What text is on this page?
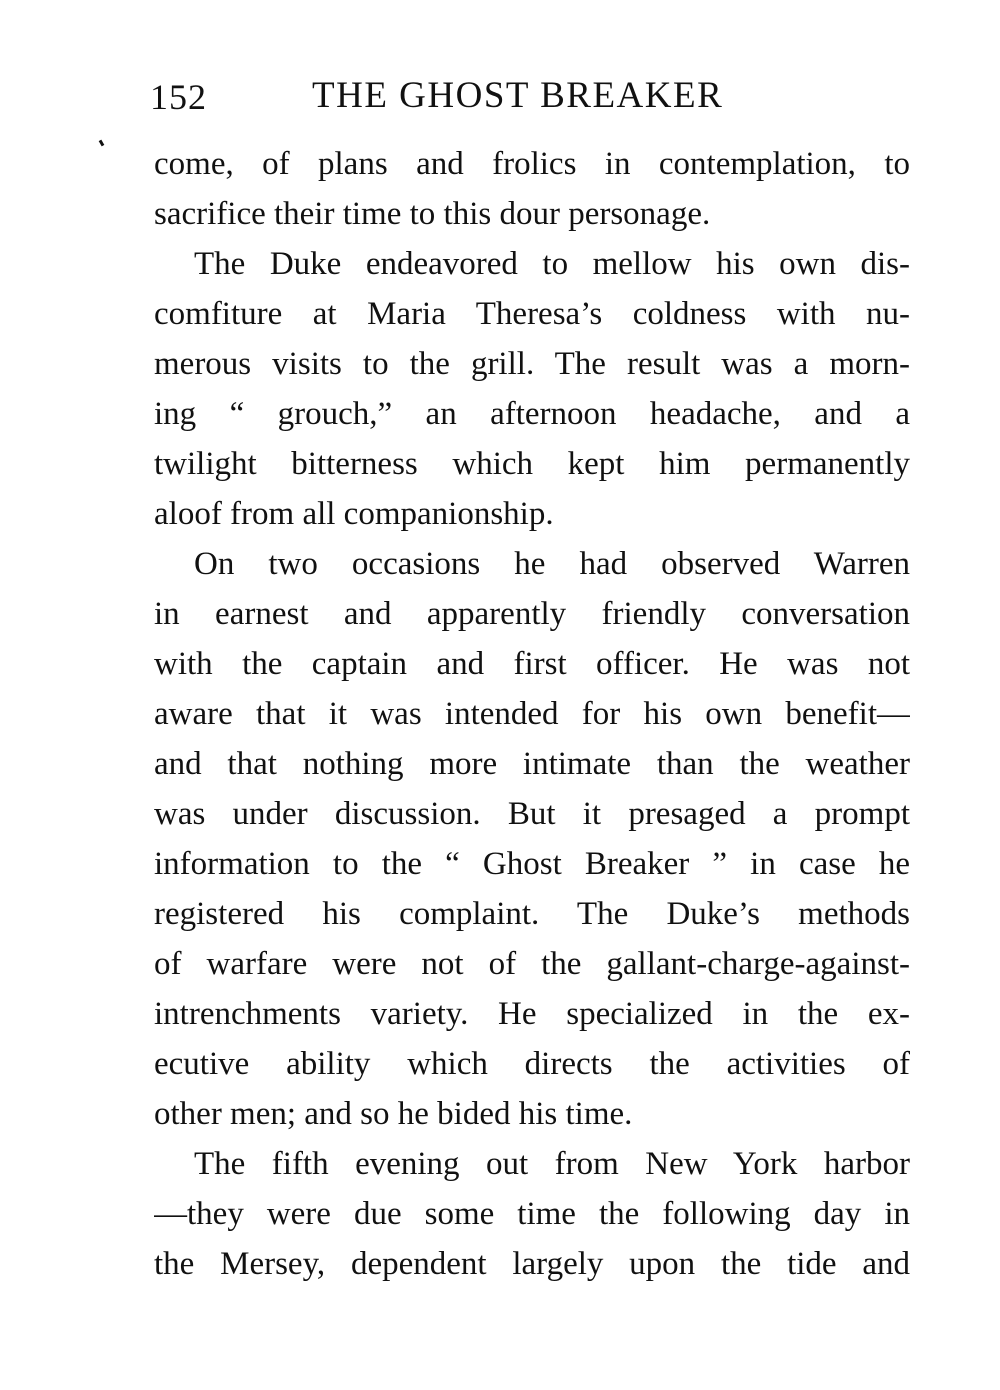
152	THE GHOST BREAKER
come, of plans and frolics in contemplation, to
sacrifice their time to this dour personage.
The Duke endeavored to mellow his own dis-
comfiture at Maria Theresa’s coldness with nu-
merous visits to the grill. The result was a morn-
ing “ grouch,” an afternoon headache, and a
twilight bitterness which kept him permanently
aloof from all companionship.
On two occasions he had observed Warren
in earnest and apparently friendly conversation
with the captain and first officer. He was not
aware that it was intended for his own benefit—
and that nothing more intimate than the weather
was under discussion. But it presaged a prompt
information to the “ Ghost Breaker ” in case he
registered his complaint. The Duke’s methods
of warfare were not of the gallant-charge-against-
intrenchments variety. He specialized in the ex-
ecutive ability which directs the activities of
other men; and so he bided his time.
The fifth evening out from New York harbor
—they were due some time the following day in
the Mersey, dependent largely upon the tide and
